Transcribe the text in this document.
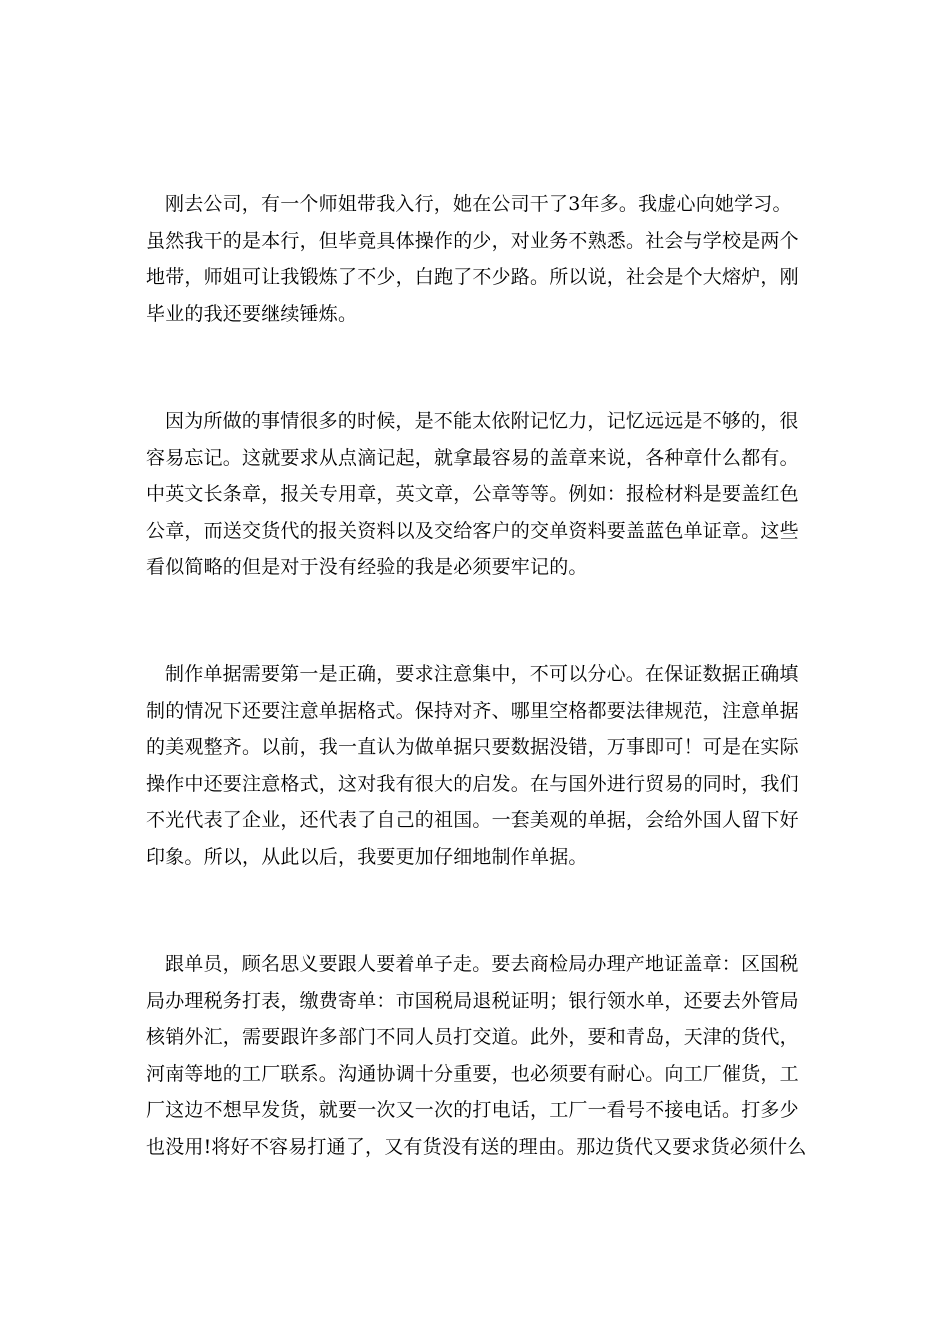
刚去公司，有一个师姐带我入行，她在公司干了3年多。我虚心向她学习。
虽然我干的是本行，但毕竟具体操作的少，对业务不熟悉。社会与学校是两个
地带，师姐可让我锻炼了不少，白跑了不少路。所以说，社会是个大熔炉，刚
毕业的我还要继续锤炼。
因为所做的事情很多的时候，是不能太依附记忆力，记忆远远是不够的，很
容易忘记。这就要求从点滴记起，就拿最容易的盖章来说，各种章什么都有。
中英文长条章，报关专用章，英文章，公章等等。例如：报检材料是要盖红色
公章，而送交货代的报关资料以及交给客户的交单资料要盖蓝色单证章。这些
看似简略的但是对于没有经验的我是必须要牢记的。
制作单据需要第一是正确，要求注意集中，不可以分心。在保证数据正确填
制的情况下还要注意单据格式。保持对齐、哪里空格都要法律规范，注意单据
的美观整齐。以前，我一直认为做单据只要数据没错，万事即可！可是在实际
操作中还要注意格式，这对我有很大的启发。在与国外进行贸易的同时，我们
不光代表了企业，还代表了自己的祖国。一套美观的单据，会给外国人留下好
印象。所以，从此以后，我要更加仔细地制作单据。
跟单员，顾名思义要跟人要着单子走。要去商检局办理产地证盖章：区国税
局办理税务打表，缴费寄单：市国税局退税证明；银行领水单，还要去外管局
核销外汇，需要跟许多部门不同人员打交道。此外，要和青岛，天津的货代，
河南等地的工厂联系。沟通协调十分重要，也必须要有耐心。向工厂催货，工
厂这边不想早发货，就要一次又一次的打电话，工厂一看号不接电话。打多少
也没用!将好不容易打通了，又有货没有送的理由。那边货代又要求货必须什么
